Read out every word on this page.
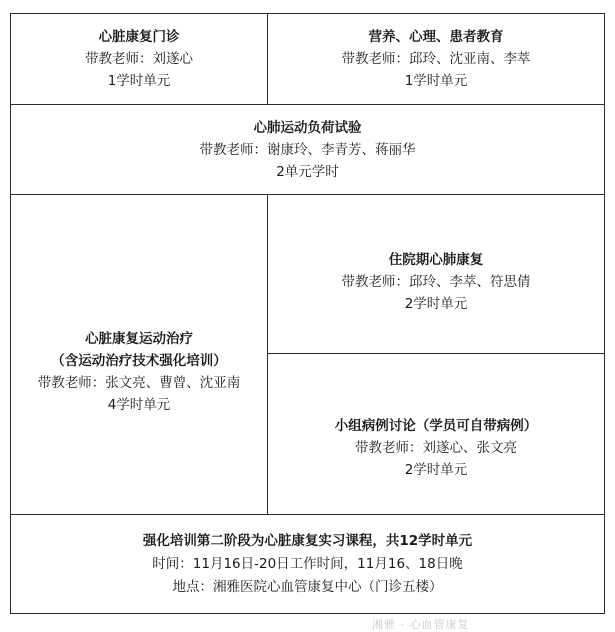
心脏康复门诊
带教老师：刘遂心
1学时单元
营养、心理、患者教育
带教老师：邱玲、沈亚南、李萃
1学时单元
心肺运动负荷试验
带教老师：谢康玲、李青芳、蒋丽华
2单元学时
心脏康复运动治疗
（含运动治疗技术强化培训）
带教老师：张文亮、曹曾、沈亚南
4学时单元
住院期心肺康复
带教老师：邱玲、李萃、符思倩
2学时单元
小组病例讨论（学员可自带病例）
带教老师：刘遂心、张文亮
2学时单元
强化培训第二阶段为心脏康复实习课程，共12学时单元
时间：11月16日-20日工作时间，11月16、18日晚
地点：湘雅医院心血管康复中心（门诊五楼）
湘雅 · 心血管康复
